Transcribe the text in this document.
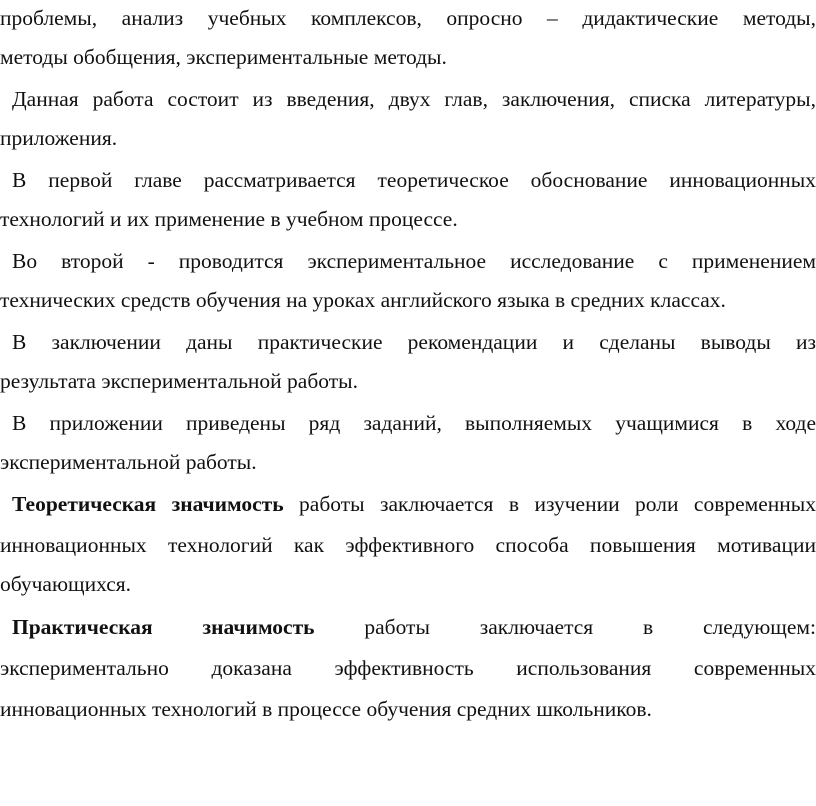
проблемы, анализ учебных комплексов, опросно – дидактические методы,
методы обобщения, экспериментальные методы.
Данная работа состоит из введения, двух глав, заключения, списка литературы,
приложения.
В первой главе рассматривается теоретическое обоснование инновационных
технологий и их применение в учебном процессе.
Во второй - проводится экспериментальное исследование с применением
технических средств обучения на уроках английского языка в средних классах.
В заключении даны практические рекомендации и сделаны выводы из
результата экспериментальной работы.
В приложении приведены ряд заданий, выполняемых учащимися в ходе
экспериментальной работы.
Теоретическая значимость работы заключается в изучении роли современных
инновационных технологий как эффективного способа повышения мотивации
обучающихся.
Практическая значимость работы заключается в следующем:
экспериментально доказана эффективность использования современных
инновационных технологий в процессе обучения средних школьников.
